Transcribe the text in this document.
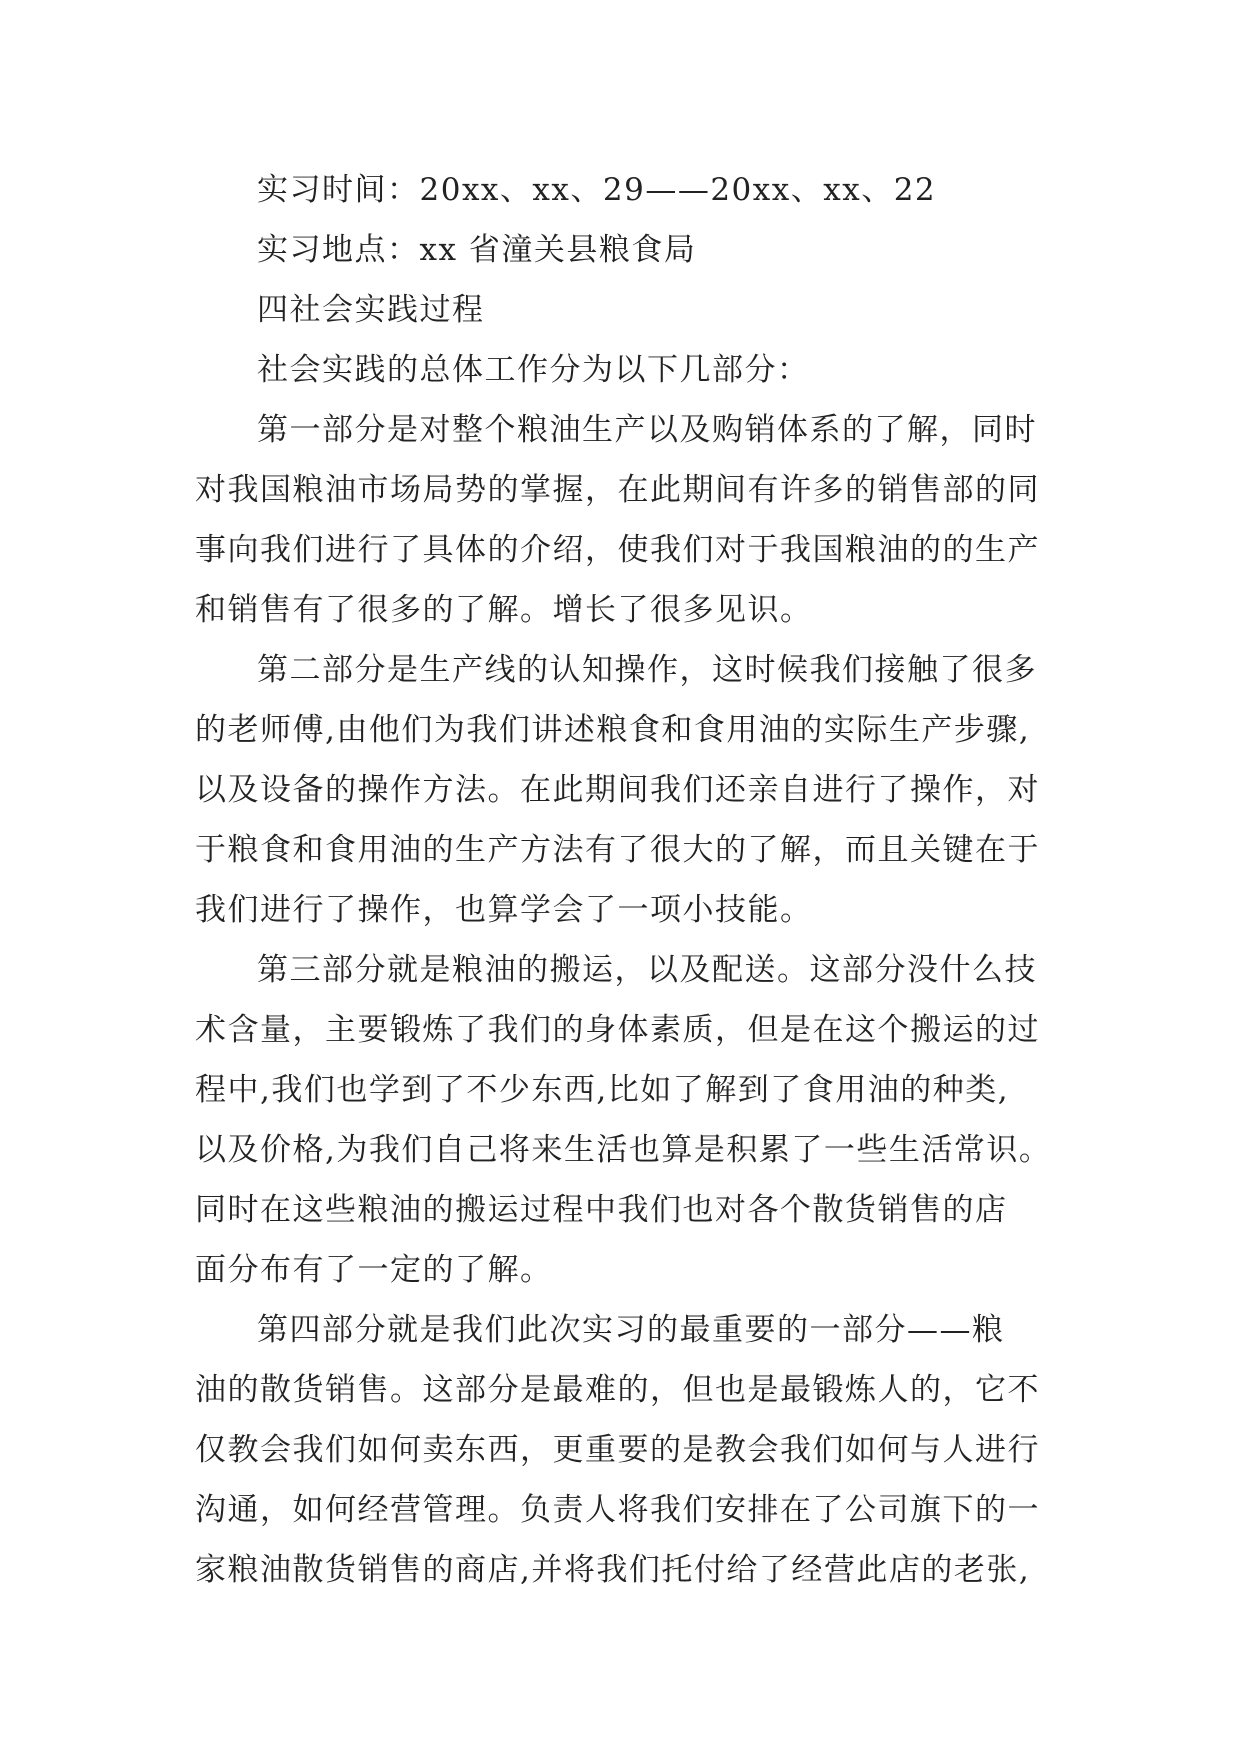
实习时间：20xx、xx、29——20xx、xx、22
实习地点：xx 省潼关县粮食局
四社会实践过程
社会实践的总体工作分为以下几部分：
第一部分是对整个粮油生产以及购销体系的了解，同时
对我国粮油市场局势的掌握，在此期间有许多的销售部的同
事向我们进行了具体的介绍，使我们对于我国粮油的的生产
和销售有了很多的了解。增长了很多见识。
第二部分是生产线的认知操作，这时候我们接触了很多
的老师傅,由他们为我们讲述粮食和食用油的实际生产步骤,
以及设备的操作方法。在此期间我们还亲自进行了操作，对
于粮食和食用油的生产方法有了很大的了解，而且关键在于
我们进行了操作，也算学会了一项小技能。
第三部分就是粮油的搬运，以及配送。这部分没什么技
术含量，主要锻炼了我们的身体素质，但是在这个搬运的过
程中,我们也学到了不少东西,比如了解到了食用油的种类,
以及价格,为我们自己将来生活也算是积累了一些生活常识。
同时在这些粮油的搬运过程中我们也对各个散货销售的店
面分布有了一定的了解。
第四部分就是我们此次实习的最重要的一部分——粮
油的散货销售。这部分是最难的，但也是最锻炼人的，它不
仅教会我们如何卖东西，更重要的是教会我们如何与人进行
沟通，如何经营管理。负责人将我们安排在了公司旗下的一
家粮油散货销售的商店,并将我们托付给了经营此店的老张,
